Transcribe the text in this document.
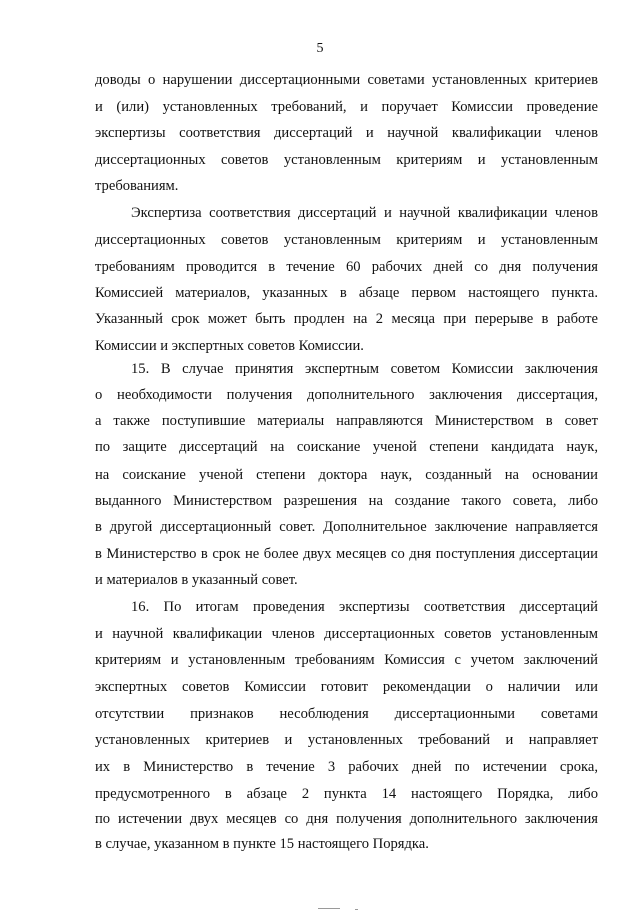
5
доводы о нарушении диссертационными советами установленных критериев
и (или) установленных требований, и поручает Комиссии проведение
экспертизы соответствия диссертаций и научной квалификации членов
диссертационных советов установленным критериям и установленным
требованиям.
Экспертиза соответствия диссертаций и научной квалификации членов
диссертационных советов установленным критериям и установленным
требованиям проводится в течение 60 рабочих дней со дня получения
Комиссией материалов, указанных в абзаце первом настоящего пункта.
Указанный срок может быть продлен на 2 месяца при перерыве в работе
Комиссии и экспертных советов Комиссии.
15. В случае принятия экспертным советом Комиссии заключения
о необходимости получения дополнительного заключения диссертация,
а также поступившие материалы направляются Министерством в совет
по защите диссертаций на соискание ученой степени кандидата наук,
на соискание ученой степени доктора наук, созданный на основании
выданного Министерством разрешения на создание такого совета, либо
в другой диссертационный совет. Дополнительное заключение направляется
в Министерство в срок не более двух месяцев со дня поступления диссертации
и материалов в указанный совет.
16. По итогам проведения экспертизы соответствия диссертаций
и научной квалификации членов диссертационных советов установленным
критериям и установленным требованиям Комиссия с учетом заключений
экспертных советов Комиссии готовит рекомендации о наличии или
отсутствии признаков несоблюдения диссертационными советами
установленных критериев и установленных требований и направляет
их в Министерство в течение 3 рабочих дней по истечении срока,
предусмотренного в абзаце 2 пункта 14 настоящего Порядка, либо
по истечении двух месяцев со дня получения дополнительного заключения
в случае, указанном в пункте 15 настоящего Порядка.
